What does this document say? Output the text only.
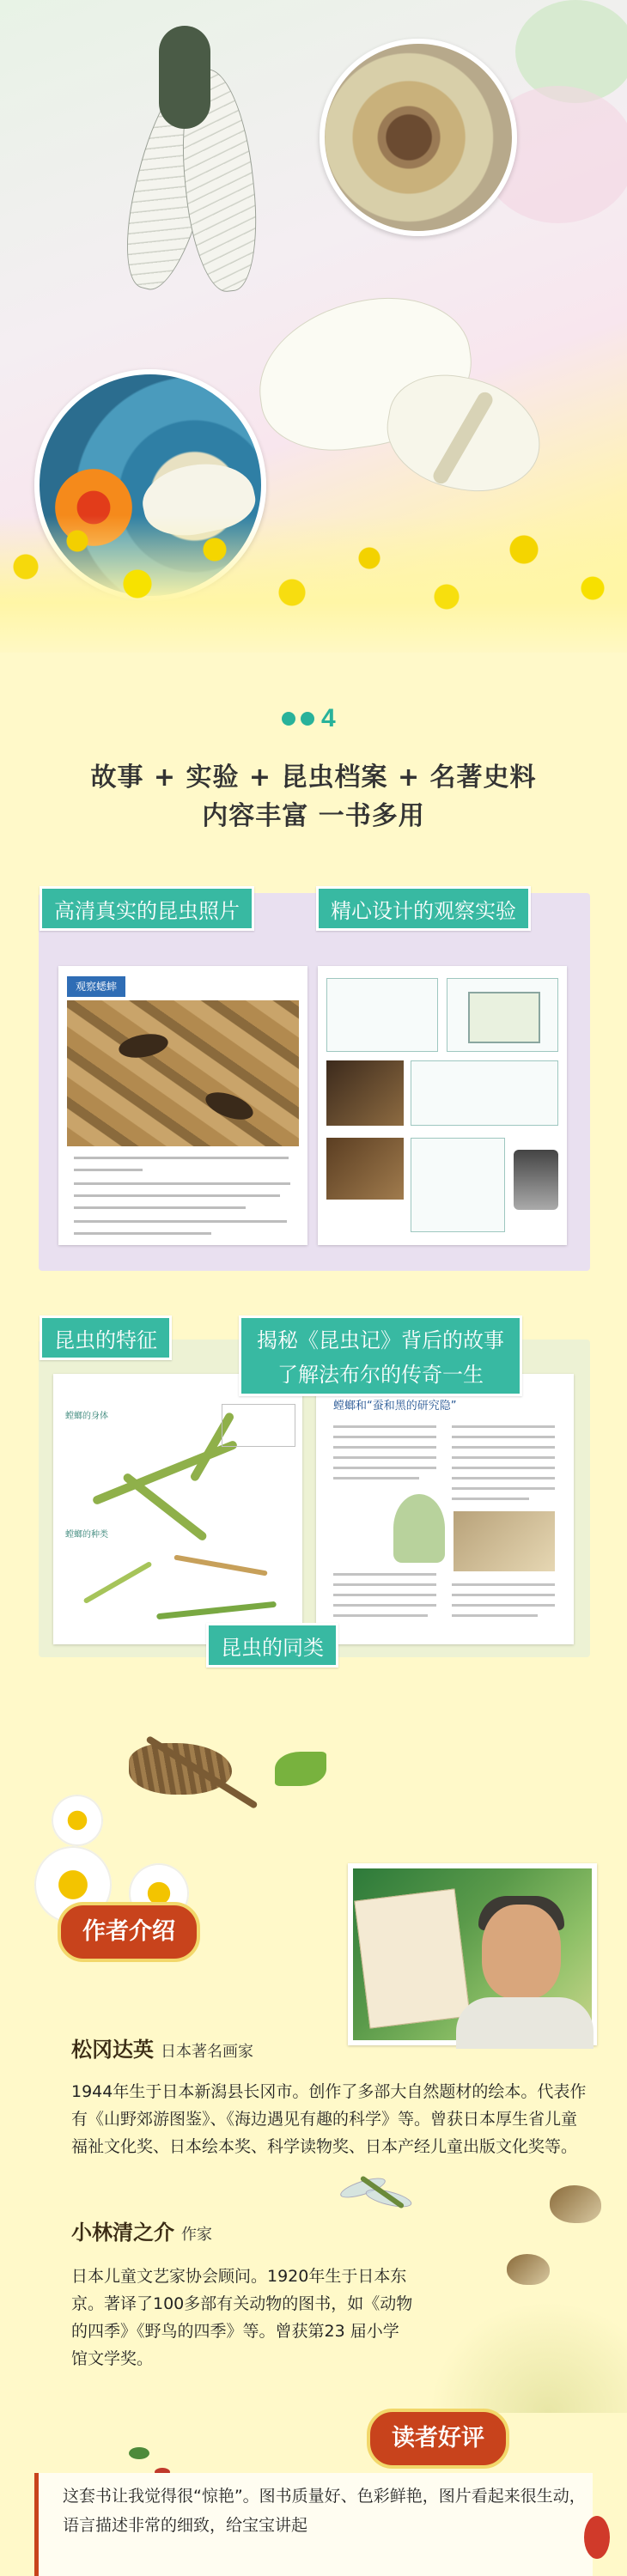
4
故事 + 实验 + 昆虫档案 + 名著史料
内容丰富 一书多用
观察蟋蟀
高清真实的昆虫照片	精心设计的观察实验
螳螂的身体
螳螂的种类
螳螂和“蚕和黑的研究隐”
昆虫的特征	揭秘《昆虫记》背后的故事
了解法布尔的传奇一生
昆虫的同类
作者介绍
松冈达英 日本著名画家
1944年生于日本新潟县长冈市。创作了多部大自然题材的绘本。代表作有《山野郊游图鉴》、《海边遇见有趣的科学》等。曾获日本厚生省儿童福祉文化奖、日本绘本奖、科学读物奖、日本产经儿童出版文化奖等。
小林清之介 作家
日本儿童文艺家协会顾问。1920年生于日本东京。著译了100多部有关动物的图书，如《动物的四季》《野鸟的四季》等。曾获第23 届小学馆文学奖。
读者好评
这套书让我觉得很“惊艳”。图书质量好、色彩鲜艳，图片看起来很生动，语言描述非常的细致，给宝宝讲起
